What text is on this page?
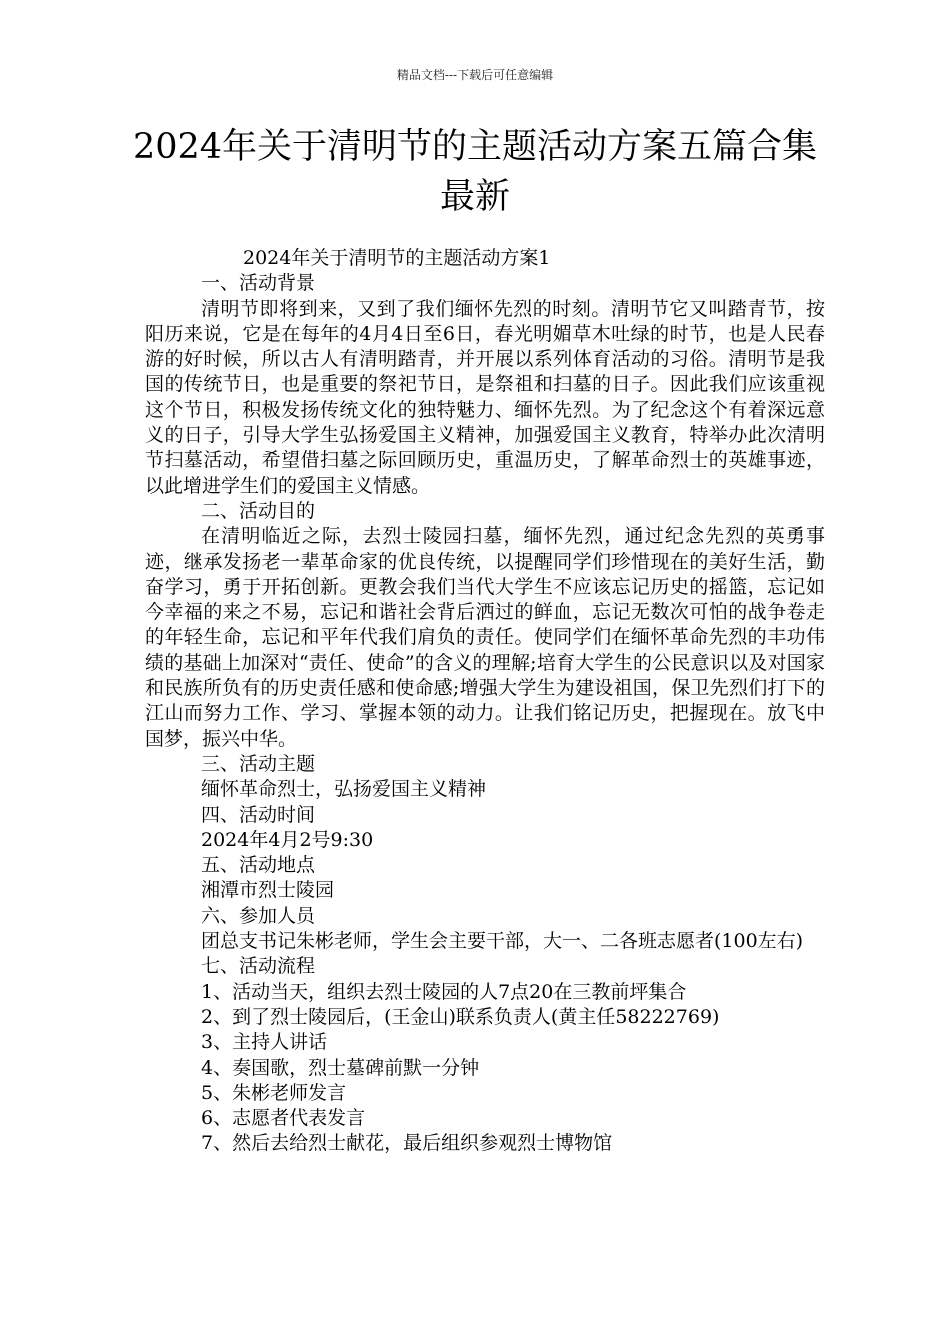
精品文档---下载后可任意编辑
2024年关于清明节的主题活动方案五篇合集最新

2024年关于清明节的主题活动方案1

一、活动背景

清明节即将到来，又到了我们缅怀先烈的时刻。清明节它又叫踏青节，按阳历来说，它是在每年的4月4日至6日，春光明媚草木吐绿的时节，也是人民春游的好时候，所以古人有清明踏青，并开展以系列体育活动的习俗。清明节是我国的传统节日，也是重要的祭祀节日，是祭祖和扫墓的日子。因此我们应该重视这个节日，积极发扬传统文化的独特魅力、缅怀先烈。为了纪念这个有着深远意义的日子，引导大学生弘扬爱国主义精神，加强爱国主义教育，特举办此次清明节扫墓活动，希望借扫墓之际回顾历史，重温历史，了解革命烈士的英雄事迹，以此增进学生们的爱国主义情感。

二、活动目的

在清明临近之际，去烈士陵园扫墓，缅怀先烈，通过纪念先烈的英勇事迹，继承发扬老一辈革命家的优良传统，以提醒同学们珍惜现在的美好生活，勤奋学习，勇于开拓创新。更教会我们当代大学生不应该忘记历史的摇篮，忘记如今幸福的来之不易，忘记和谐社会背后洒过的鲜血，忘记无数次可怕的战争卷走的年轻生命，忘记和平年代我们肩负的责任。使同学们在缅怀革命先烈的丰功伟绩的基础上加深对“责任、使命”的含义的理解;培育大学生的公民意识以及对国家和民族所负有的历史责任感和使命感;增强大学生为建设祖国，保卫先烈们打下的江山而努力工作、学习、掌握本领的动力。让我们铭记历史，把握现在。放飞中国梦，振兴中华。

三、活动主题

缅怀革命烈士，弘扬爱国主义精神

四、活动时间

2024年4月2号9:30

五、活动地点

湘潭市烈士陵园

六、参加人员

团总支书记朱彬老师，学生会主要干部，大一、二各班志愿者(100左右)

七、活动流程

1、活动当天，组织去烈士陵园的人7点20在三教前坪集合

2、到了烈士陵园后，(王金山)联系负责人(黄主任58222769)

3、主持人讲话

4、奏国歌，烈士墓碑前默一分钟

5、朱彬老师发言

6、志愿者代表发言

7、然后去给烈士献花，最后组织参观烈士博物馆
